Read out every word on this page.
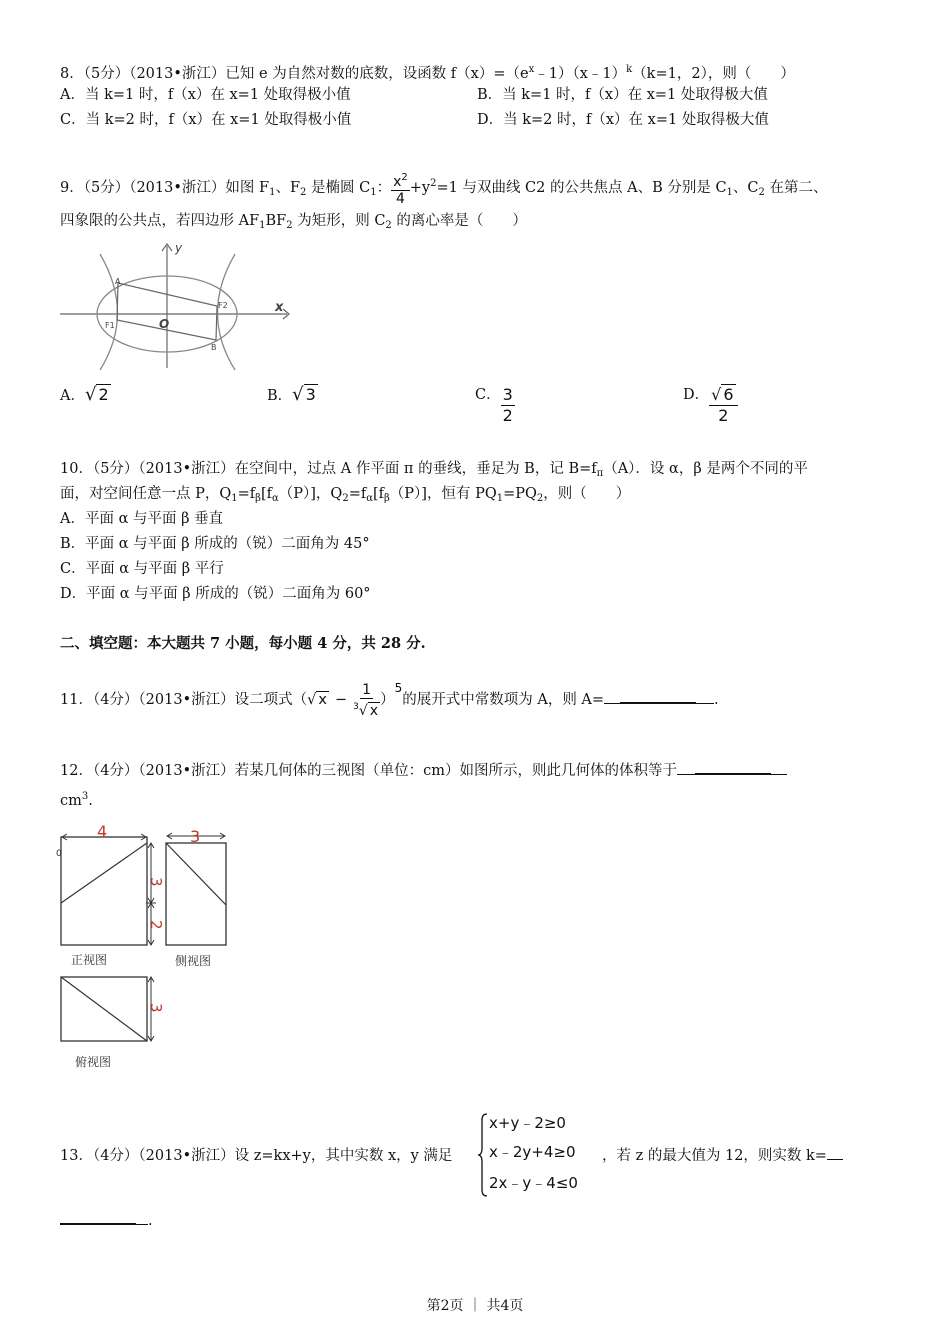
8．（5分）（2013•浙江）已知 e 为自然对数的底数，设函数 $f(x)=(e^x﹣1)(x﹣1)^k(k=1$，2），则（　　）
A．当 k=1 时，f（x）在 x=1 处取得极小值	B．当 k=1 时，f（x）在 x=1 处取得极大值
C．当 k=2 时，f（x）在 x=1 处取得极小值	D．当 k=2 时，f（x）在 x=1 处取得极大值
9．（5分）（2013•浙江）如图 $F_1$、$F_2$ 是椭圆 $C_1$： $\frac{x^2}{4} +y^2=1$ 与双曲线 C2 的公共焦点 A、B 分别是 $C_1$、$C_2$ 在第二、
四象限的公共点，若四边形 $AF_1BF_2$ 为矩形，则 $C_2$ 的离心率是（　　）
y
x
O
A
B
F1
F2
A．√ 2	B．√ 3	C． $\frac{3}{2}$	D． $\frac{√ 6}{2}$
10．（5分）（2013•浙江）在空间中，过点 A 作平面 π 的垂线，垂足为 B，记 $B=f_\pi(A)$．设 α，β 是两个不同的平
面，对空间任意一点 P，$Q_1=f_\beta[f_\alpha(P)]$，$Q_2=f_\alpha[f_\beta(P)]$，恒有 $PQ_1=PQ_2$，则（　　）
A．平面 α 与平面 β 垂直
B．平面 α 与平面 β 所成的（锐）二面角为 45°
C．平面 α 与平面 β 平行
D．平面 α 与平面 β 所成的（锐）二面角为 60°
二、填空题：本大题共 7 小题，每小题 4 分，共 28 分.
11．（4分）（2013•浙江）设二项式（√ $x - \frac{1}{^3√ x} )^5$的展开式中常数项为 A，则 A=	.
12．（4分）（2013•浙江）若某几何体的三视图（单位：cm）如图所示，则此几何体的体积等于
$cm^3$.
4
0
3
2
3
正视图	侧视图
3
俯视图
13．（4分）（2013•浙江）设 z=kx+y，其中实数 x，y 满足
x+y﹣2≥0
x﹣2y+4≥0
2x﹣y﹣4≤0
，若 z 的最大值为 12，则实数 k=
.
第2页 ｜ 共4页
